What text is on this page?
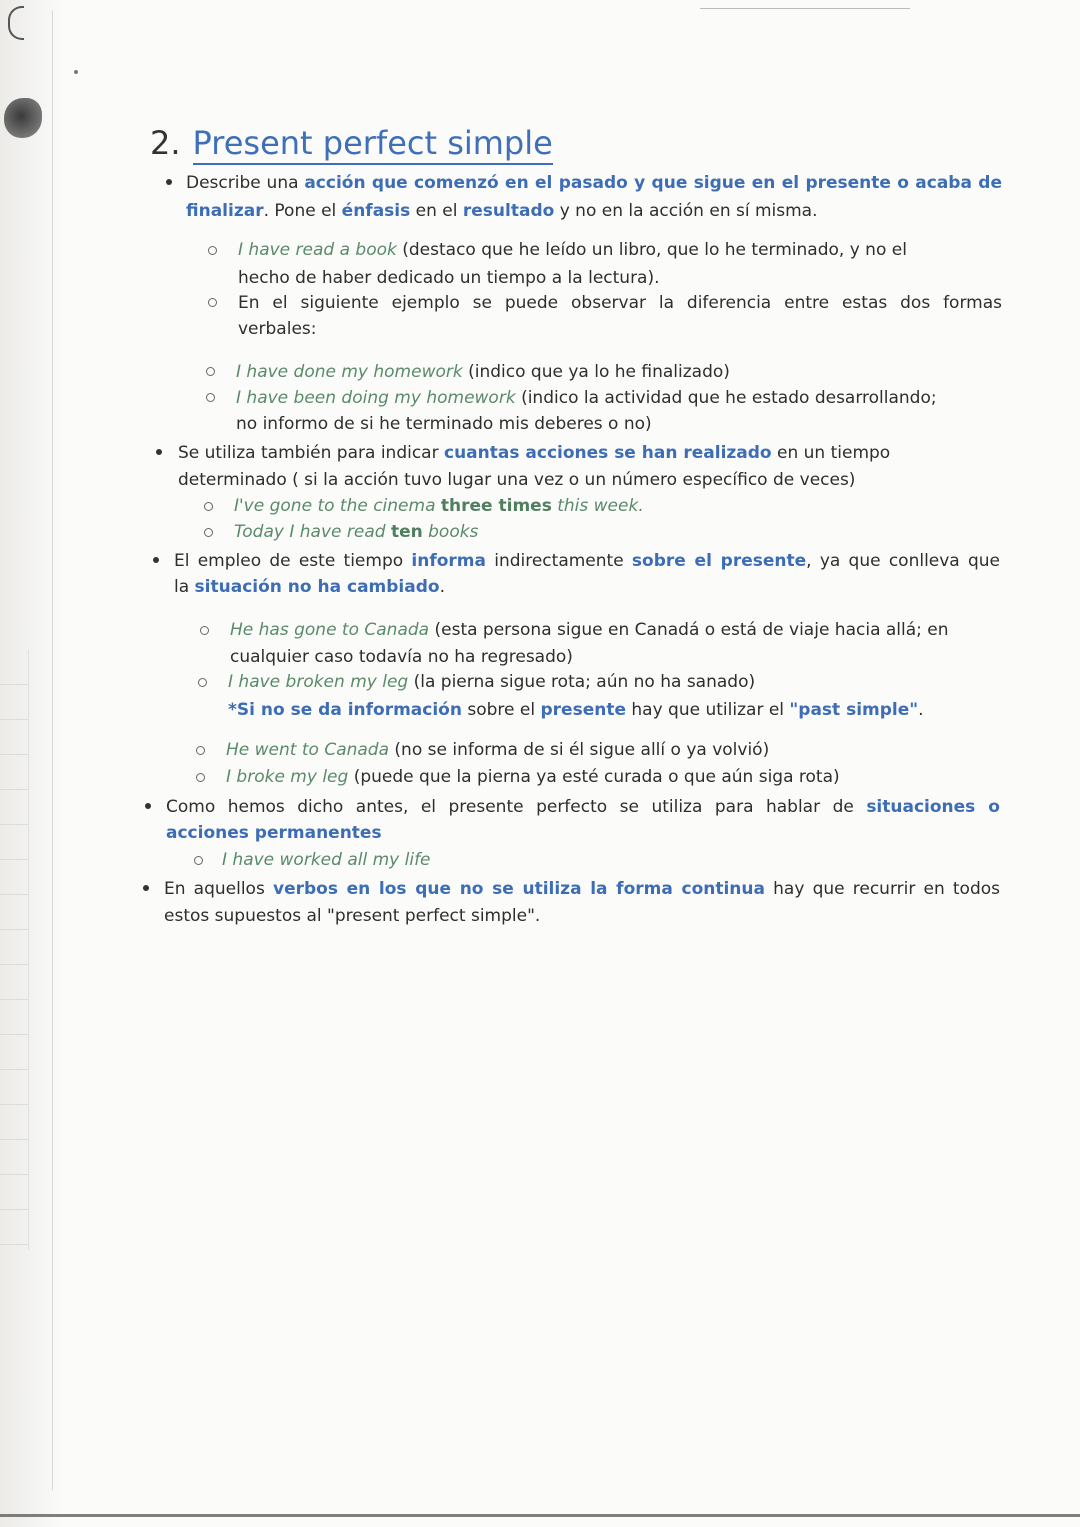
2. Present perfect simple

Describe una acción que comenzó en el pasado y que sigue en el presente o acaba de

finalizar. Pone el énfasis en el resultado y no en la acción en sí misma.

I have read a book (destaco que he leído un libro, que lo he terminado, y no el

hecho de haber dedicado un tiempo a la lectura).

En el siguiente ejemplo se puede observar la diferencia entre estas dos formas

verbales:

I have done my homework (indico que ya lo he finalizado)

I have been doing my homework (indico la actividad que he estado desarrollando;

no informo de si he terminado mis deberes o no)

Se utiliza también para indicar cuantas acciones se han realizado en un tiempo

determinado ( si la acción tuvo lugar una vez o un número específico de veces)

I've gone to the cinema three times this week.

Today I have read ten books

El empleo de este tiempo informa indirectamente sobre el presente, ya que conlleva que

la situación no ha cambiado.

He has gone to Canada (esta persona sigue en Canadá o está de viaje hacia allá; en

cualquier caso todavía no ha regresado)

I have broken my leg (la pierna sigue rota; aún no ha sanado)

*Si no se da información sobre el presente hay que utilizar el "past simple".

He went to Canada (no se informa de si él sigue allí o ya volvió)

I broke my leg (puede que la pierna ya esté curada o que aún siga rota)

Como hemos dicho antes, el presente perfecto se utiliza para hablar de situaciones o

acciones permanentes

I have worked all my life

En aquellos verbos en los que no se utiliza la forma continua hay que recurrir en todos

estos supuestos al "present perfect simple".
